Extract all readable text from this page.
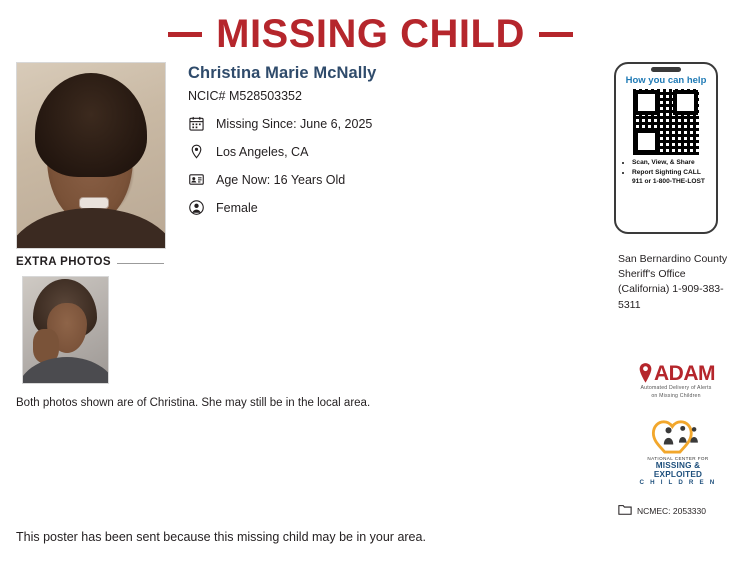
MISSING CHILD
EXTRA PHOTOS
Both photos shown are of Christina. She may still be in the local area.
Christina Marie McNally
NCIC# M528503352
Missing Since: June 6, 2025
Los Angeles, CA
Age Now: 16 Years Old
Female
How you can help
• Scan, View, & Share
• Report Sighting CALL 911 or 1-800-THE-LOST
San Bernardino County Sheriff's Office (California) 1-909-383-5311
ADAM
Automated Delivery of Alerts
on Missing Children
NATIONAL CENTER FOR
MISSING &
EXPLOITED
C H I L D R E N
NCMEC: 2053330
This poster has been sent because this missing child may be in your area.
